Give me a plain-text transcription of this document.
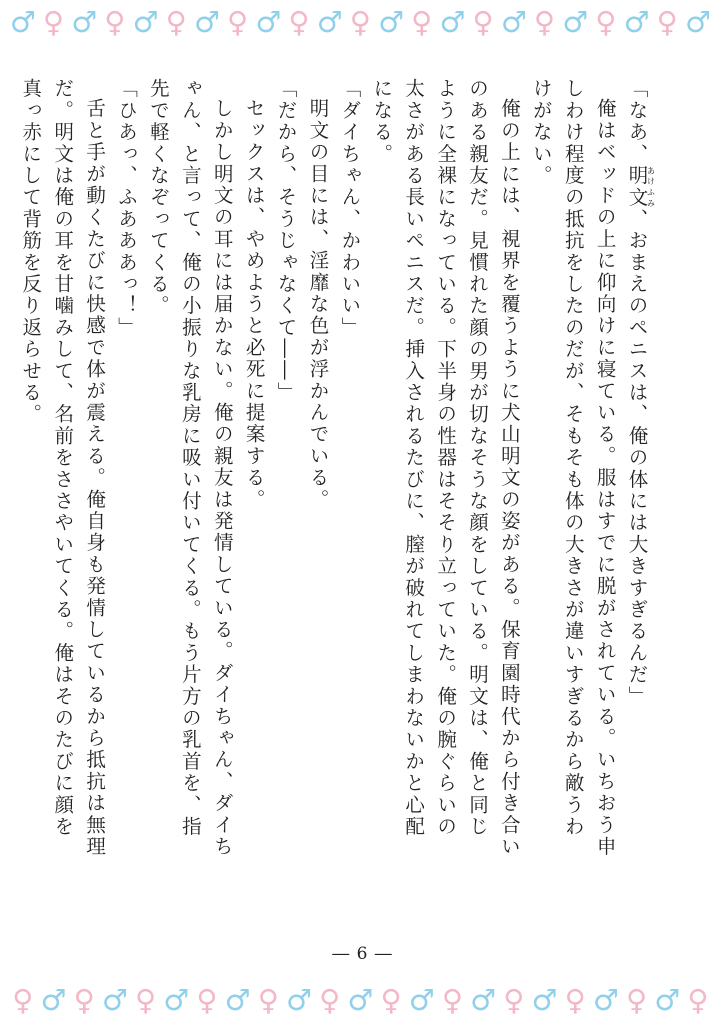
♂ ♀ ♂ ♀ ♂ ♀ ♂ ♀ ♂ ♀ ♂ ♀ ♂ ♀ ♂ ♀ ♂ ♀ ♂ ♀ ♂ ♀ ♂

「なあ、明文あけふみ、おまえのペニスは、俺の体には大きすぎるんだ」

俺はベッドの上に仰向けに寝ている。服はすでに脱がされている。いちおう申しわけ程度の抵抗をしたのだが、そもそも体の大きさが違いすぎるから敵うわけがない。

俺の上には、視界を覆うように犬山明文の姿がある。保育園時代から付き合いのある親友だ。見慣れた顔の男が切なそうな顔をしている。明文は、俺と同じように全裸になっている。下半身の性器はそそり立っていた。俺の腕ぐらいの太さがある長いペニスだ。挿入されるたびに、膣が破れてしまわないかと心配になる。

「ダイちゃん、かわいい」

明文の目には、淫靡な色が浮かんでいる。

「だから、そうじゃなくて――」

セックスは、やめようと必死に提案する。

しかし明文の耳には届かない。俺の親友は発情している。ダイちゃん、ダイちゃん、と言って、俺の小振りな乳房に吸い付いてくる。もう片方の乳首を、指先で軽くなぞってくる。

「ひあっ、ふあああっ！」

舌と手が動くたびに快感で体が震える。俺自身も発情しているから抵抗は無理だ。明文は俺の耳を甘噛みして、名前をささやいてくる。俺はそのたびに顔を真っ赤にして背筋を反り返らせる。

― 6 ―
♀ ♂ ♀ ♂ ♀ ♂ ♀ ♂ ♀ ♂ ♀ ♂ ♀ ♂ ♀ ♂ ♀ ♂ ♀ ♂ ♀ ♂ ♀
